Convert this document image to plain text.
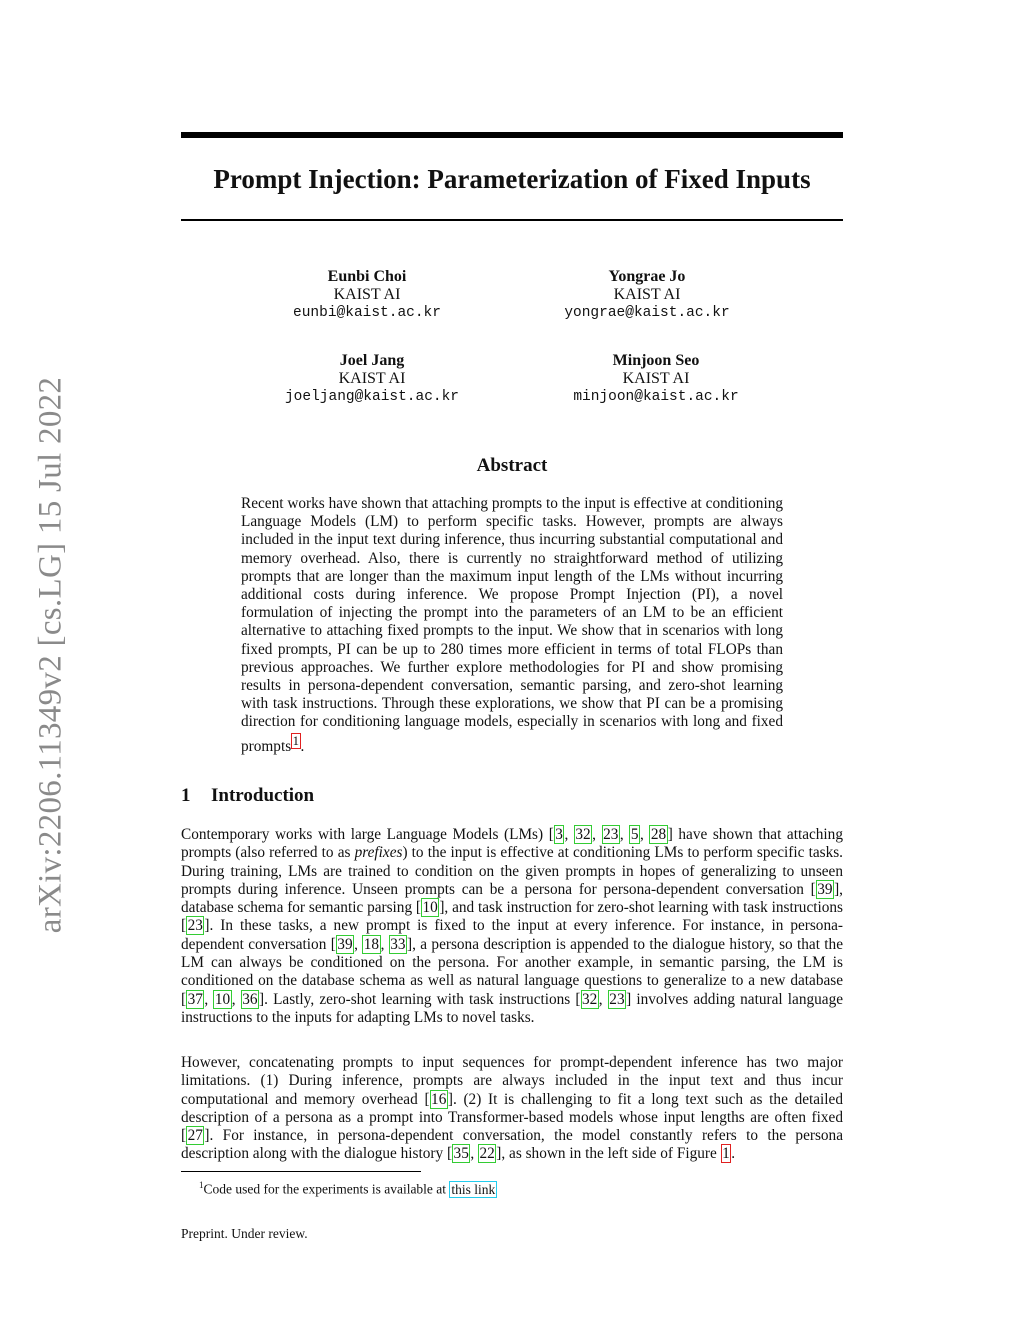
arXiv:2206.11349v2 [cs.LG] 15 Jul 2022
Prompt Injection: Parameterization of Fixed Inputs
Eunbi Choi
KAIST AI
eunbi@kaist.ac.kr
Yongrae Jo
KAIST AI
yongrae@kaist.ac.kr
Joel Jang
KAIST AI
joeljang@kaist.ac.kr
Minjoon Seo
KAIST AI
minjoon@kaist.ac.kr
Abstract

Recent works have shown that attaching prompts to the input is effective at conditioning Language Models (LM) to perform specific tasks. However, prompts are always included in the input text during inference, thus incurring substantial computational and memory overhead. Also, there is currently no straightforward method of utilizing prompts that are longer than the maximum input length of the LMs without incurring additional costs during inference. We propose Prompt Injection (PI), a novel formulation of injecting the prompt into the parameters of an LM to be an efficient alternative to attaching fixed prompts to the input. We show that in scenarios with long fixed prompts, PI can be up to 280 times more efficient in terms of total FLOPs than previous approaches. We further explore methodologies for PI and show promising results in persona-dependent conversation, semantic parsing, and zero-shot learning with task instructions. Through these explorations, we show that PI can be a promising direction for conditioning language models, especially in scenarios with long and fixed prompts $^1$.

1 Introduction

Contemporary works with large Language Models (LMs) [3, 32, 23, 5, 28] have shown that attaching prompts (also referred to as prefixes) to the input is effective at conditioning LMs to perform specific tasks. During training, LMs are trained to condition on the given prompts in hopes of generalizing to unseen prompts during inference. Unseen prompts can be a persona for persona-dependent conversation [39], database schema for semantic parsing [10], and task instruction for zero-shot learning with task instructions [23]. In these tasks, a new prompt is fixed to the input at every inference. For instance, in persona-dependent conversation [39, 18, 33], a persona description is appended to the dialogue history, so that the LM can always be conditioned on the persona. For another example, in semantic parsing, the LM is conditioned on the database schema as well as natural language questions to generalize to a new database [37, 10, 36]. Lastly, zero-shot learning with task instructions [32, 23] involves adding natural language instructions to the inputs for adapting LMs to novel tasks.

However, concatenating prompts to input sequences for prompt-dependent inference has two major limitations. (1) During inference, prompts are always included in the input text and thus incur computational and memory overhead [16]. (2) It is challenging to fit a long text such as the detailed description of a persona as a prompt into Transformer-based models whose input lengths are often fixed [27]. For instance, in persona-dependent conversation, the model constantly refers to the persona description along with the dialogue history [35, 22], as shown in the left side of Figure 1.

$^1$Code used for the experiments is available at this link

Preprint. Under review.
